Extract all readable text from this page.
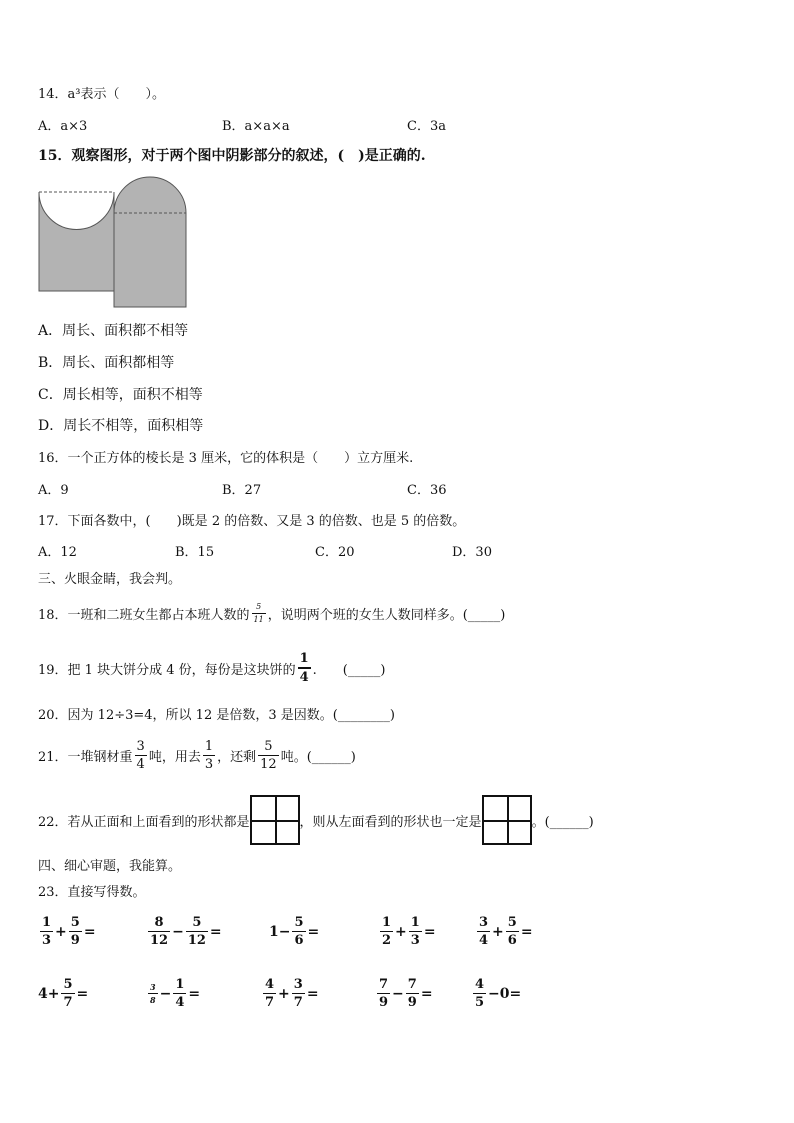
14．a³表示（　　）。
A．a×3	B．a×a×a	C．3a
15．观察图形，对于两个图中阴影部分的叙述，(　)是正确的.
A．周长、面积都不相等
B．周长、面积都相等
C．周长相等，面积不相等
D．周长不相等，面积相等
16．一个正方体的棱长是 3 厘米，它的体积是（　　）立方厘米.
A．9	B．27	C．36
17．下面各数中，(　　)既是 2 的倍数、又是 3 的倍数、也是 5 的倍数。
A．12	B．15	C．20	D．30
三、火眼金睛，我会判。
18．一班和二班女生都占本班人数的 $\frac{5}{11}$ ，说明两个班的女生人数同样多。(_____)
19．把 1 块大饼分成 4 份，每份是这块饼的 $\frac{1}{4}$ .　　(_____)
20．因为 12÷3=4，所以 12 是倍数，3 是因数。(________)
21．一堆钢材重 $\frac{3}{4}$ 吨，用去 $\frac{1}{3}$ ，还剩 $\frac{5}{12}$ 吨。(______)
22．若从正面和上面看到的形状都是	，则从左面看到的形状也一定是	。(______)
四、细心审题，我能算。
23．直接写得数。
$\frac{1}{3} + \frac{5}{9}$ =	$\frac{8}{12} - \frac{5}{12}$ =	$1- \frac{5}{6}$ =	$\frac{1}{2} + \frac{1}{3}$ =	$\frac{3}{4} + \frac{5}{6}$ =
$4+ \frac{5}{7}$ =	$\frac{3}{8} - \frac{1}{4}$ =	$\frac{4}{7} + \frac{3}{7}$ =	$\frac{7}{9} - \frac{7}{9}$ =	$\frac{4}{5} -0$ =
